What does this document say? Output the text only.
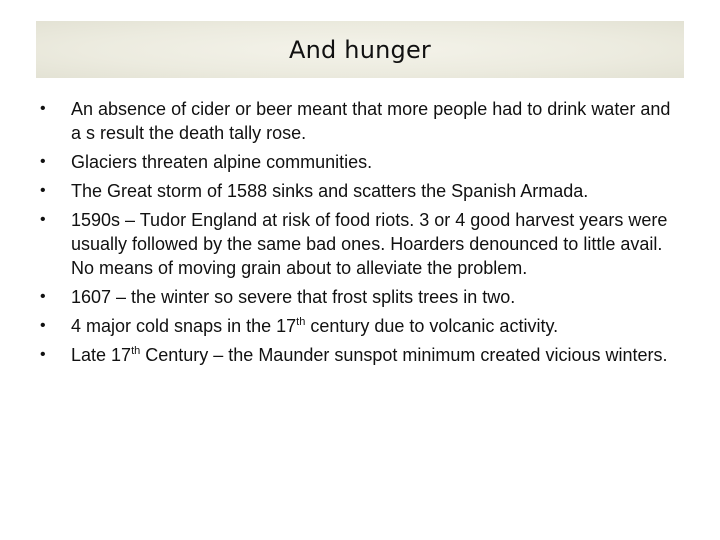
And hunger
•	An absence of cider or beer meant that more people had to drink water and a s result the death tally rose.
•	Glaciers threaten alpine communities.
•	The Great storm of 1588 sinks and scatters the Spanish Armada.
•	1590s – Tudor England at risk of food riots. 3 or 4 good harvest years were usually followed by the same bad ones. Hoarders denounced to little avail. No means of moving grain about to alleviate the problem.
•	1607 – the winter so severe that frost splits trees in two.
•	4 major cold snaps in the 17th century due to volcanic activity.
•	Late 17th Century – the Maunder sunspot minimum created vicious winters.
